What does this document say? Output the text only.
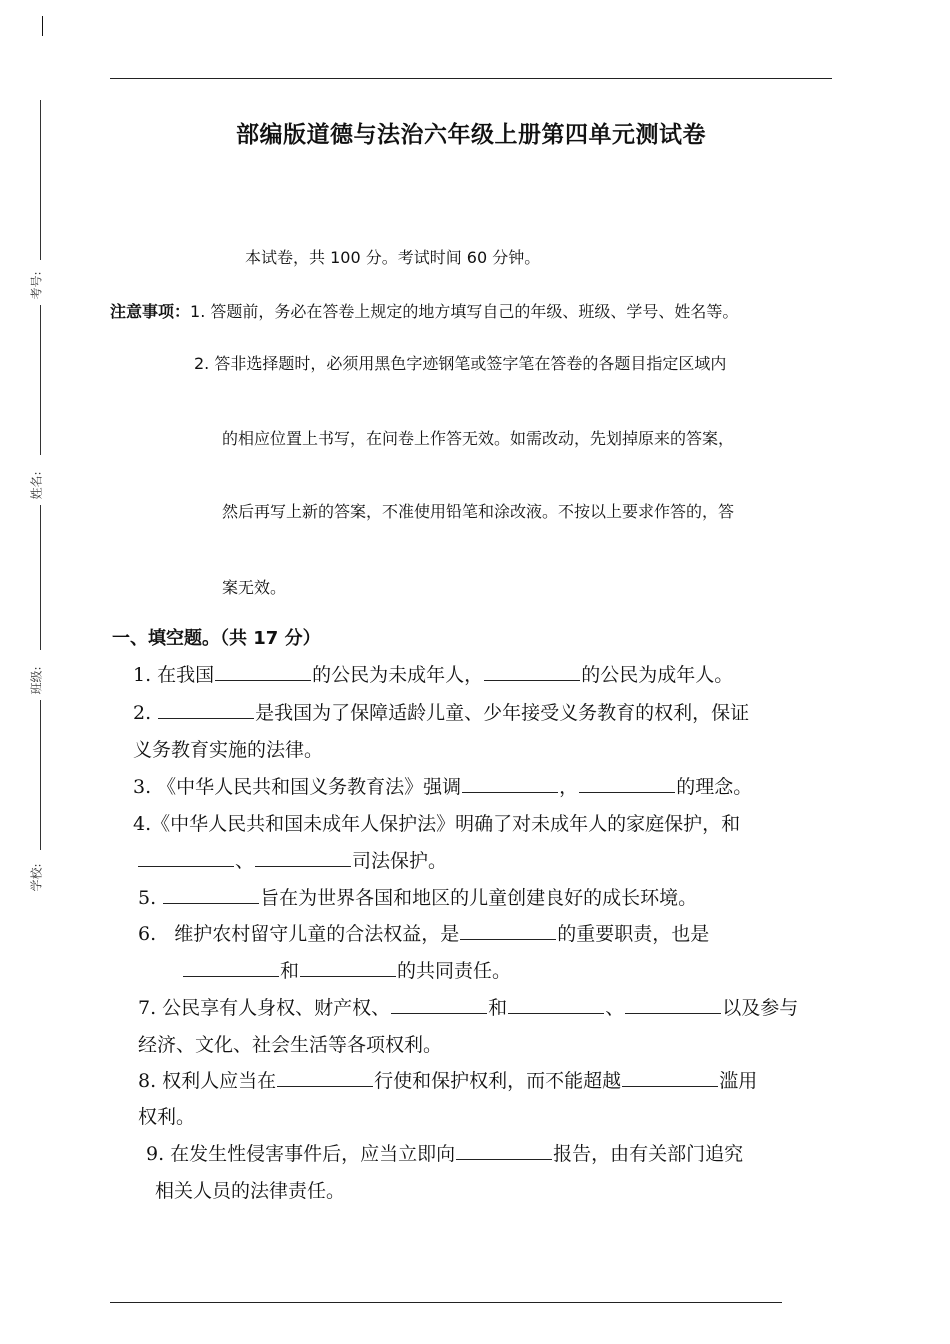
考号:
姓名:
班级:
学校:
部编版道德与法治六年级上册第四单元测试卷
本试卷，共 100 分。考试时间 60 分钟。
注意事项：1. 答题前，务必在答卷上规定的地方填写自己的年级、班级、学号、姓名等。
2. 答非选择题时，必须用黑色字迹钢笔或签字笔在答卷的各题目指定区域内
的相应位置上书写，在问卷上作答无效。如需改动，先划掉原来的答案，
然后再写上新的答案，不准使用铅笔和涂改液。不按以上要求作答的，答
案无效。
一、填空题。（共 17 分）
1. 在我国	的公民为未成年人，	的公民为成年人。
2.	是我国为了保障适龄儿童、少年接受义务教育的权利，保证
义务教育实施的法律。
3. 《中华人民共和国义务教育法》强调	，	的理念。
4.《中华人民共和国未成年人保护法》明确了对未成年人的家庭保护，和
、	司法保护。
5.	旨在为世界各国和地区的儿童创建良好的成长环境。
6.   维护农村留守儿童的合法权益，是	的重要职责，也是
和	的共同责任。
7. 公民享有人身权、财产权、	和	、	以及参与
经济、文化、社会生活等各项权利。
8. 权利人应当在	行使和保护权利，而不能超越	滥用
权利。
9. 在发生性侵害事件后，应当立即向	报告，由有关部门追究
相关人员的法律责任。
